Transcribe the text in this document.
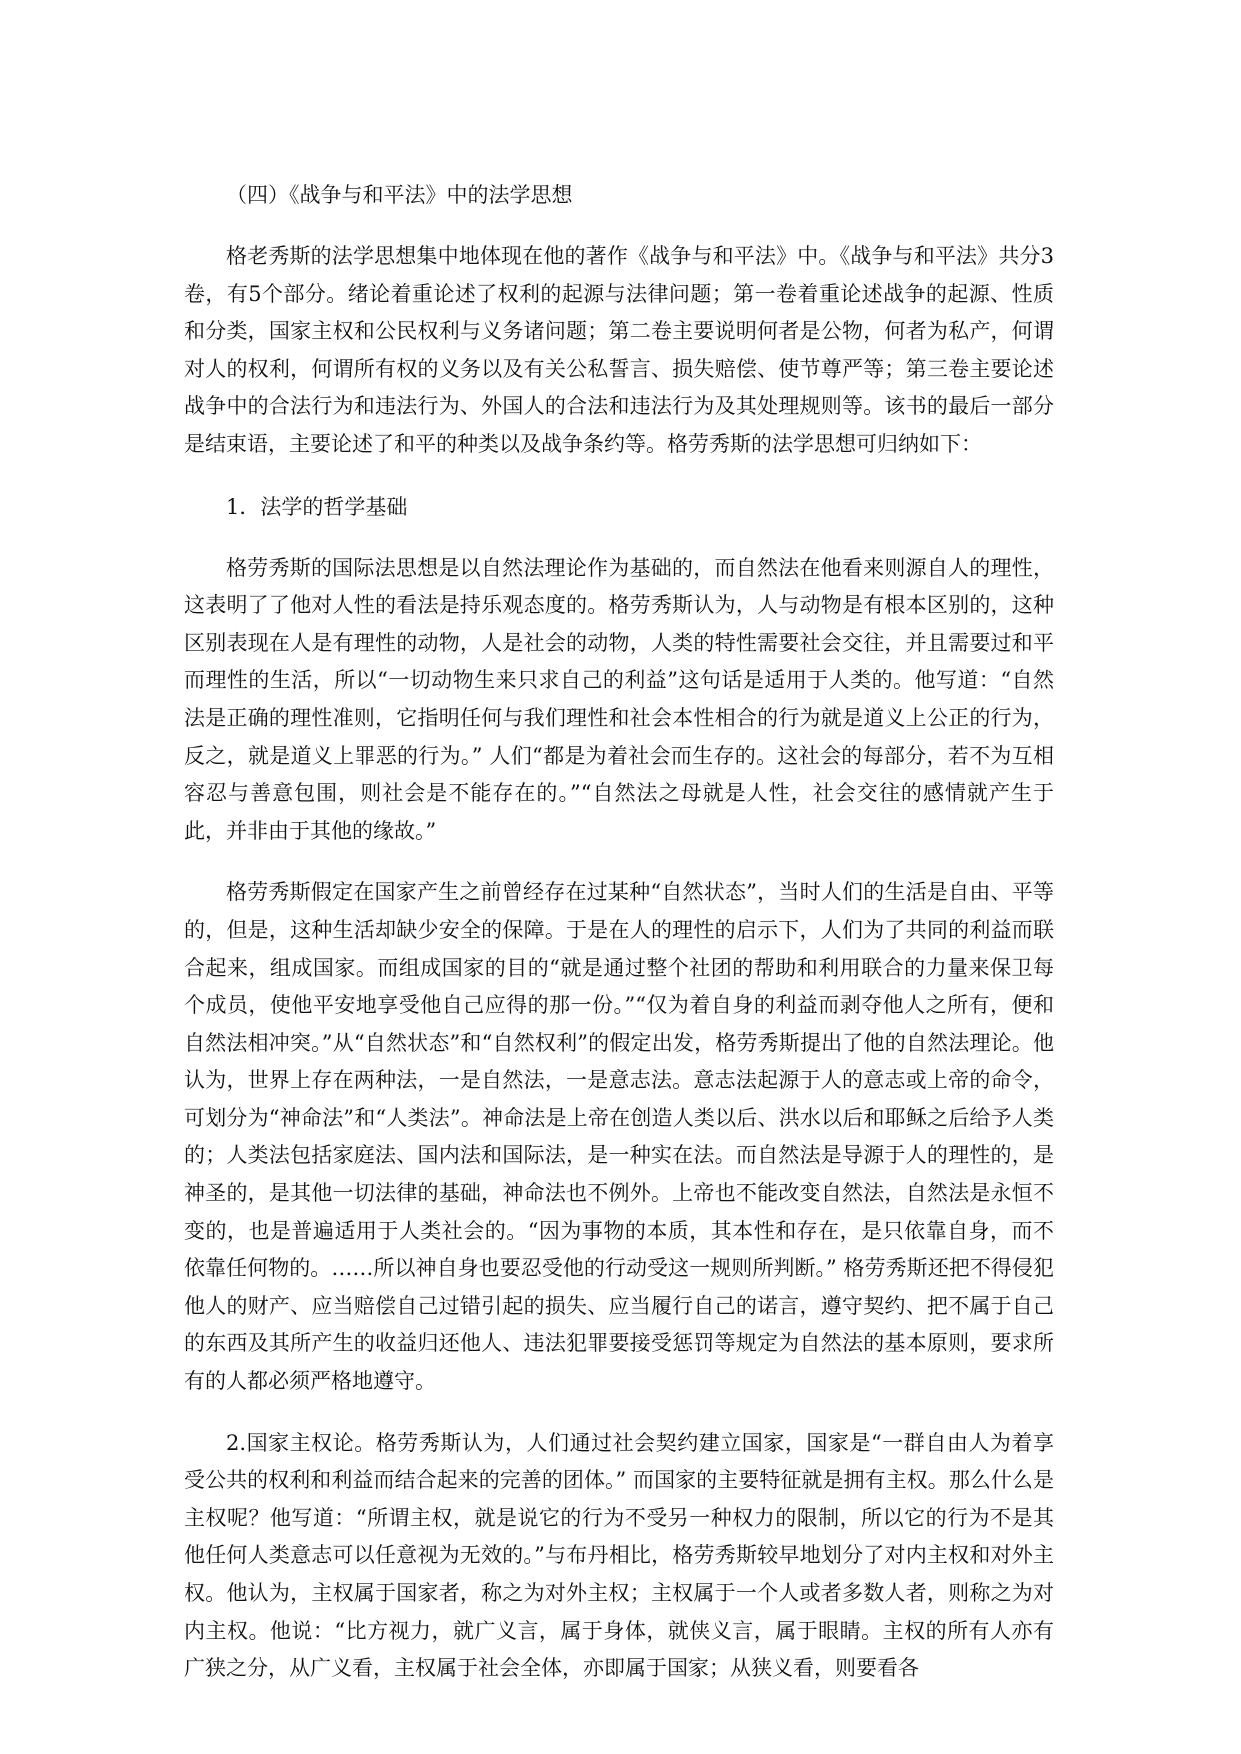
（四）《战争与和平法》中的法学思想

格老秀斯的法学思想集中地体现在他的著作《战争与和平法》中。《战争与和平法》共分3卷，有5个部分。绪论着重论述了权利的起源与法律问题；第一卷着重论述战争的起源、性质和分类，国家主权和公民权利与义务诸问题；第二卷主要说明何者是公物，何者为私产，何谓对人的权利，何谓所有权的义务以及有关公私誓言、损失赔偿、使节尊严等；第三卷主要论述战争中的合法行为和违法行为、外国人的合法和违法行为及其处理规则等。该书的最后一部分是结束语，主要论述了和平的种类以及战争条约等。格劳秀斯的法学思想可归纳如下：

1．法学的哲学基础

格劳秀斯的国际法思想是以自然法理论作为基础的，而自然法在他看来则源自人的理性，这表明了了他对人性的看法是持乐观态度的。格劳秀斯认为，人与动物是有根本区别的，这种区别表现在人是有理性的动物，人是社会的动物，人类的特性需要社会交往，并且需要过和平而理性的生活，所以“一切动物生来只求自己的利益”这句话是适用于人类的。他写道：“自然法是正确的理性准则，它指明任何与我们理性和社会本性相合的行为就是道义上公正的行为，反之，就是道义上罪恶的行为。” 人们“都是为着社会而生存的。这社会的每部分，若不为互相容忍与善意包围，则社会是不能存在的。”“自然法之母就是人性，社会交往的感情就产生于此，并非由于其他的缘故。”

格劳秀斯假定在国家产生之前曾经存在过某种“自然状态”，当时人们的生活是自由、平等的，但是，这种生活却缺少安全的保障。于是在人的理性的启示下，人们为了共同的利益而联合起来，组成国家。而组成国家的目的“就是通过整个社团的帮助和利用联合的力量来保卫每个成员，使他平安地享受他自己应得的那一份。”“仅为着自身的利益而剥夺他人之所有，便和自然法相冲突。”从“自然状态”和“自然权利”的假定出发，格劳秀斯提出了他的自然法理论。他认为，世界上存在两种法，一是自然法，一是意志法。意志法起源于人的意志或上帝的命令，可划分为“神命法”和“人类法”。神命法是上帝在创造人类以后、洪水以后和耶稣之后给予人类的；人类法包括家庭法、国内法和国际法，是一种实在法。而自然法是导源于人的理性的，是神圣的，是其他一切法律的基础，神命法也不例外。上帝也不能改变自然法，自然法是永恒不变的，也是普遍适用于人类社会的。“因为事物的本质，其本性和存在，是只依靠自身，而不依靠任何物的。……所以神自身也要忍受他的行动受这一规则所判断。” 格劳秀斯还把不得侵犯他人的财产、应当赔偿自己过错引起的损失、应当履行自己的诺言，遵守契约、把不属于自己的东西及其所产生的收益归还他人、违法犯罪要接受惩罚等规定为自然法的基本原则，要求所有的人都必须严格地遵守。

2.国家主权论。格劳秀斯认为，人们通过社会契约建立国家，国家是“一群自由人为着享受公共的权利和利益而结合起来的完善的团体。” 而国家的主要特征就是拥有主权。那么什么是主权呢？他写道：“所谓主权，就是说它的行为不受另一种权力的限制，所以它的行为不是其他任何人类意志可以任意视为无效的。”与布丹相比，格劳秀斯较早地划分了对内主权和对外主权。他认为，主权属于国家者，称之为对外主权；主权属于一个人或者多数人者，则称之为对内主权。他说：“比方视力，就广义言，属于身体，就侠义言，属于眼睛。主权的所有人亦有广狭之分，从广义看，主权属于社会全体，亦即属于国家；从狭义看，则要看各
